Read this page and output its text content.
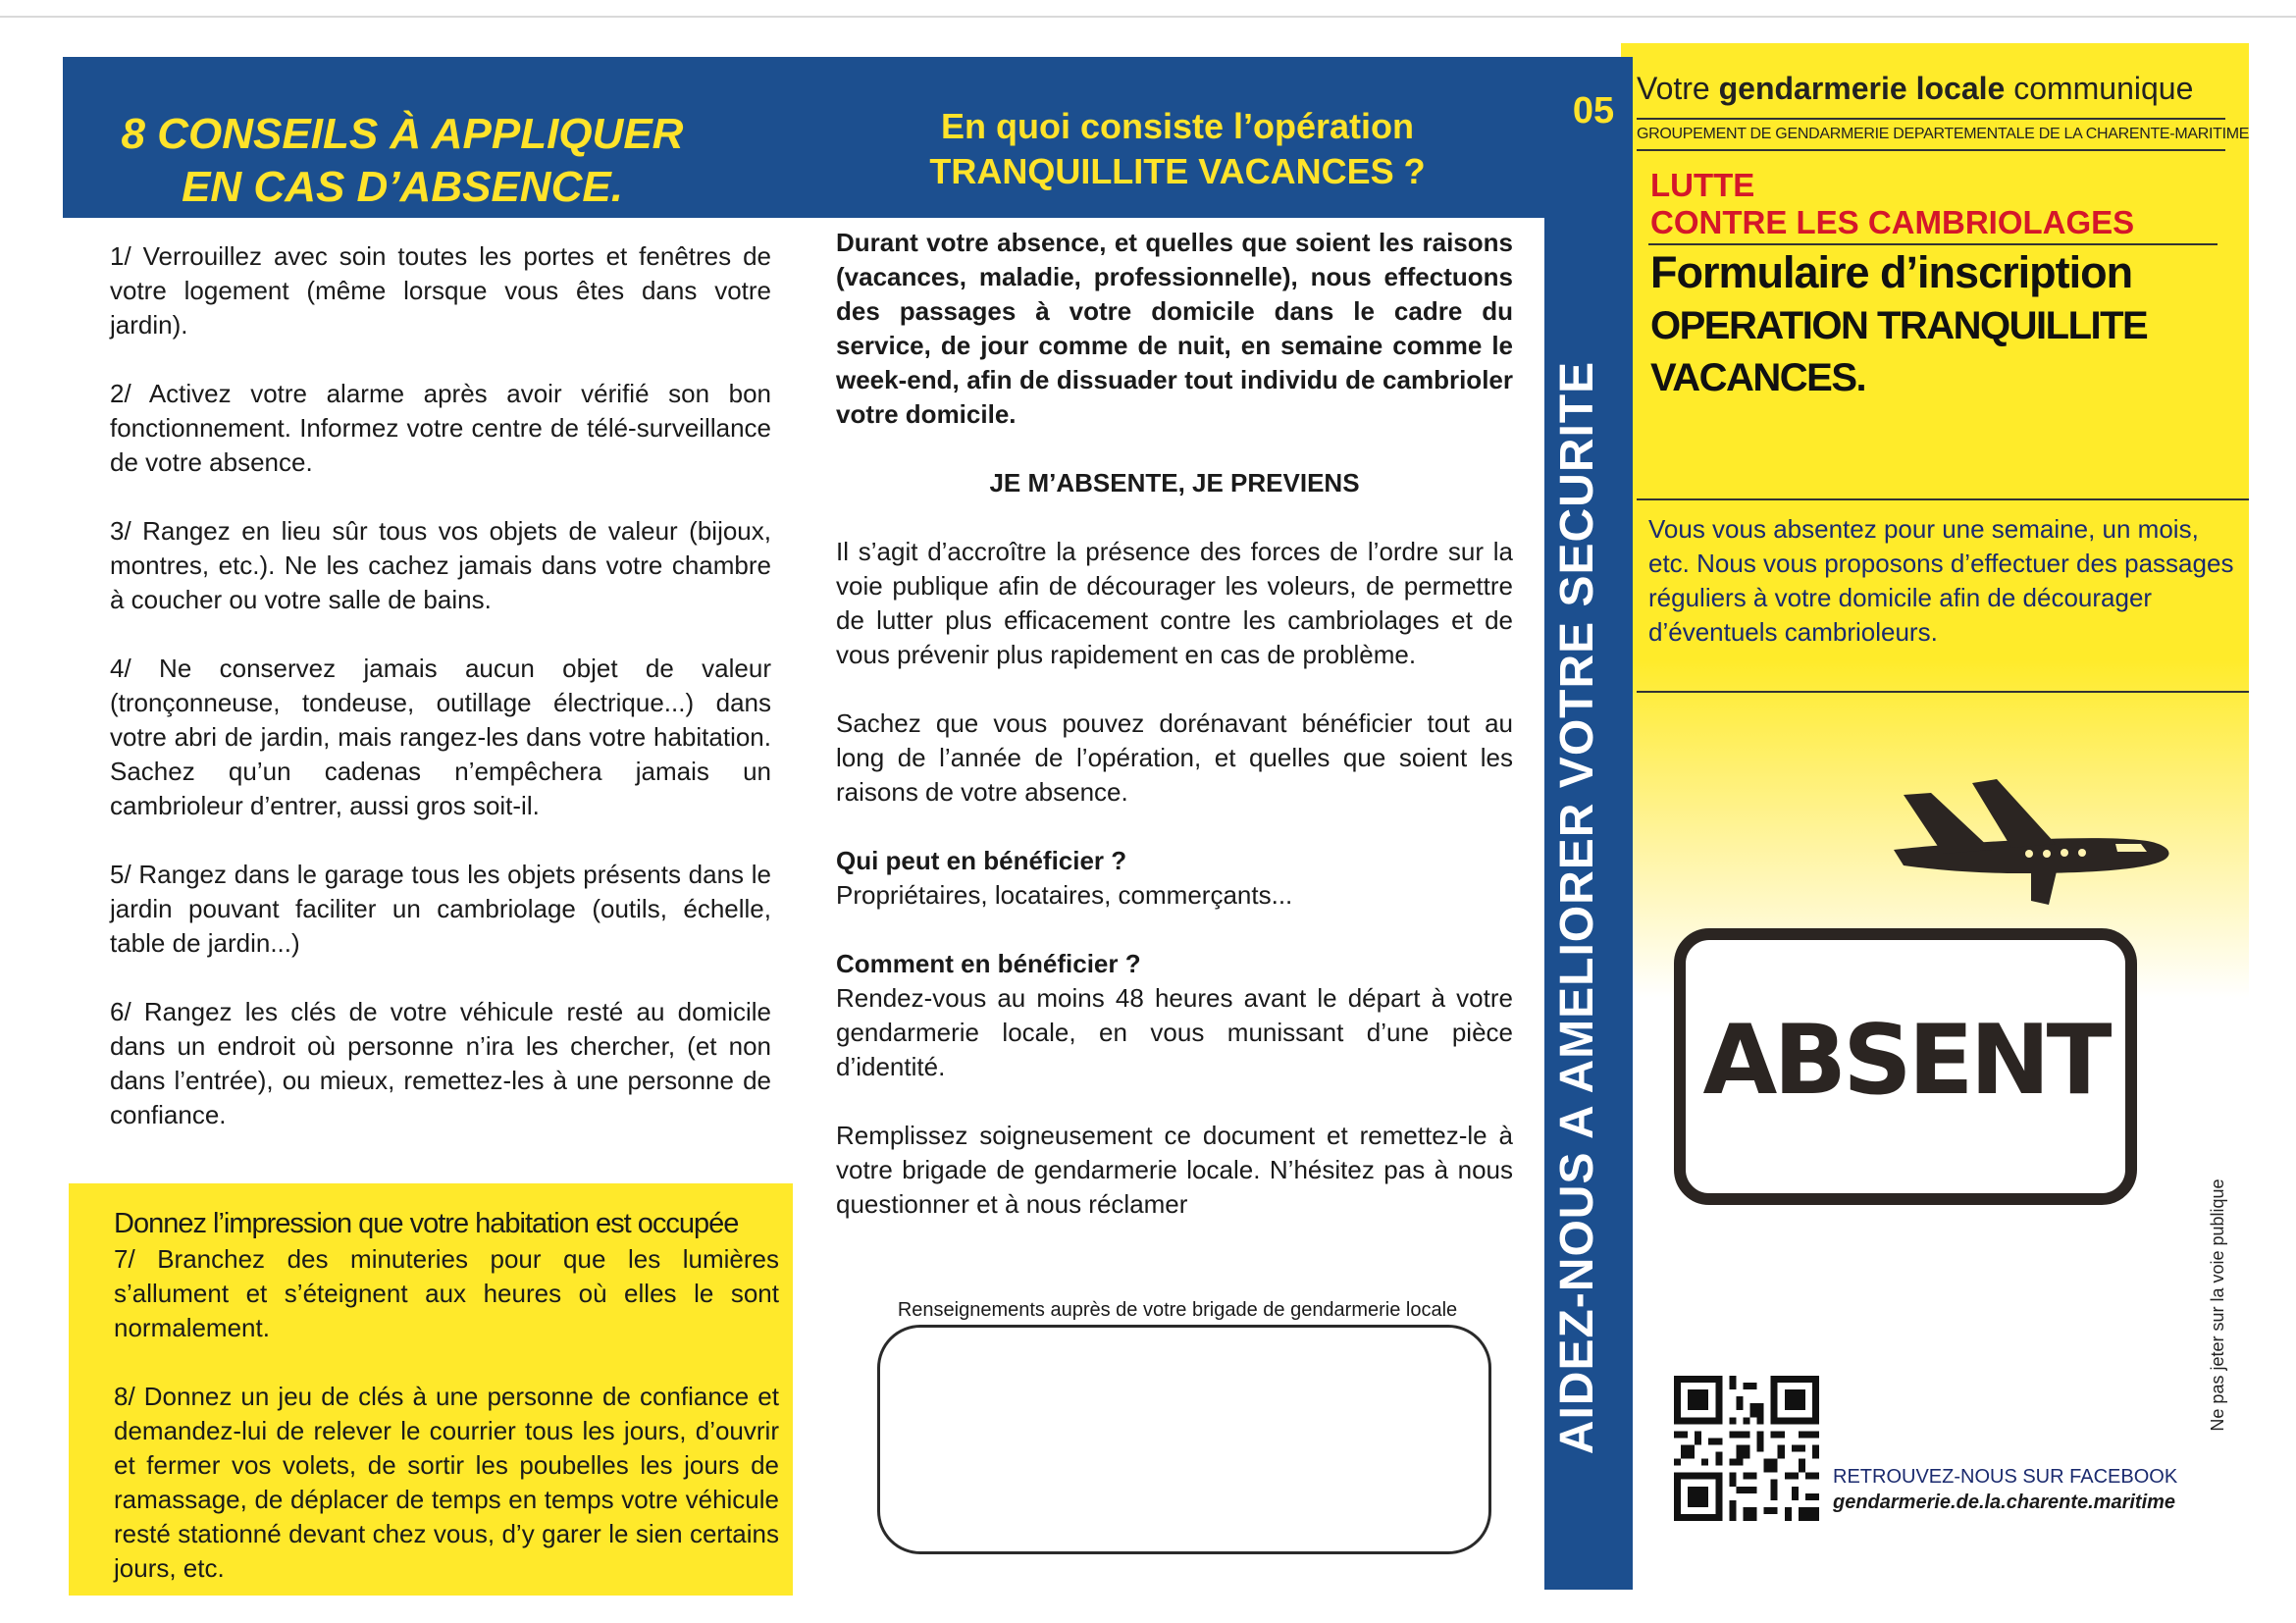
8 CONSEILS À APPLIQUER
EN CAS D’ABSENCE.
En quoi consiste l’opération
TRANQUILLITE VACANCES ?
05

1/ Verrouillez avec soin toutes les portes et fenêtres de votre logement (même lorsque vous êtes dans votre jardin).

2/ Activez votre alarme après avoir vérifié son bon fonctionnement. Informez votre centre de télé-surveillance de votre absence.

3/ Rangez en lieu sûr tous vos objets de valeur (bijoux, montres, etc.). Ne les cachez jamais dans votre chambre à coucher ou votre salle de bains.

4/ Ne conservez jamais aucun objet de valeur (tronçonneuse, tondeuse, outillage électrique...) dans votre abri de jardin, mais rangez-les dans votre habitation. Sachez qu’un cadenas n’empêchera jamais un cambrioleur d’entrer, aussi gros soit-il.

5/ Rangez dans le garage tous les objets présents dans le jardin pouvant faciliter un cambriolage (outils, échelle, table de jardin...)

6/ Rangez les clés de votre véhicule resté au domicile dans un endroit où personne n’ira les chercher, (et non dans l’entrée), ou mieux, remettez-les à une personne de confiance.

Donnez l’impression que votre habitation est occupée

7/ Branchez des minuteries pour que les lumières s’allument et s’éteignent aux heures où elles le sont normalement.

8/ Donnez un jeu de clés à une personne de confiance et demandez-lui de relever le courrier tous les jours, d’ouvrir et fermer vos volets, de sortir les poubelles les jours de ramassage, de déplacer de temps en temps votre véhicule resté stationné devant chez vous, d’y garer le sien certains jours, etc.

Durant votre absence, et quelles que soient les raisons (vacances, maladie, professionnelle), nous effectuons des passages à votre domicile dans le cadre du service, de jour comme de nuit, en semaine comme le week-end, afin de dissuader tout individu de cambrioler votre domicile.

JE M’ABSENTE, JE PREVIENS

Il s’agit d’accroître la présence des forces de l’ordre sur la voie publique afin de décourager les voleurs, de permettre de lutter plus efficacement contre les cambriolages et de vous prévenir plus rapidement en cas de problème.

Sachez que vous pouvez dorénavant bénéficier tout au long de l’année de l’opération, et quelles que soient les raisons de votre absence.

Qui peut en bénéficier ?

Propriétaires, locataires, commerçants...

Comment en bénéficier ?

Rendez-vous au moins 48 heures avant le départ à votre gendarmerie locale, en vous munissant d’une pièce d’identité.

Remplissez soigneusement ce document et remettez-le à votre brigade de gendarmerie locale. N’hésitez pas à nous questionner et à nous réclamer

Renseignements auprès de votre brigade de gendarmerie locale	AIDEZ-NOUS A AMELIORER VOTRE SECURITE
Votre gendarmerie locale communique
GROUPEMENT DE GENDARMERIE DEPARTEMENTALE DE LA CHARENTE-MARITIME
LUTTE
CONTRE LES CAMBRIOLAGES
Formulaire d’inscription
OPERATION TRANQUILLITE
VACANCES.
Vous vous absentez pour une semaine, un mois, etc. Nous vous proposons d’effectuer des passages réguliers à votre domicile afin de décourager d’éventuels cambrioleurs.
ABSENT
RETROUVEZ-NOUS SUR FACEBOOK
gendarmerie.de.la.charente.maritime
Ne pas jeter sur la voie publique
